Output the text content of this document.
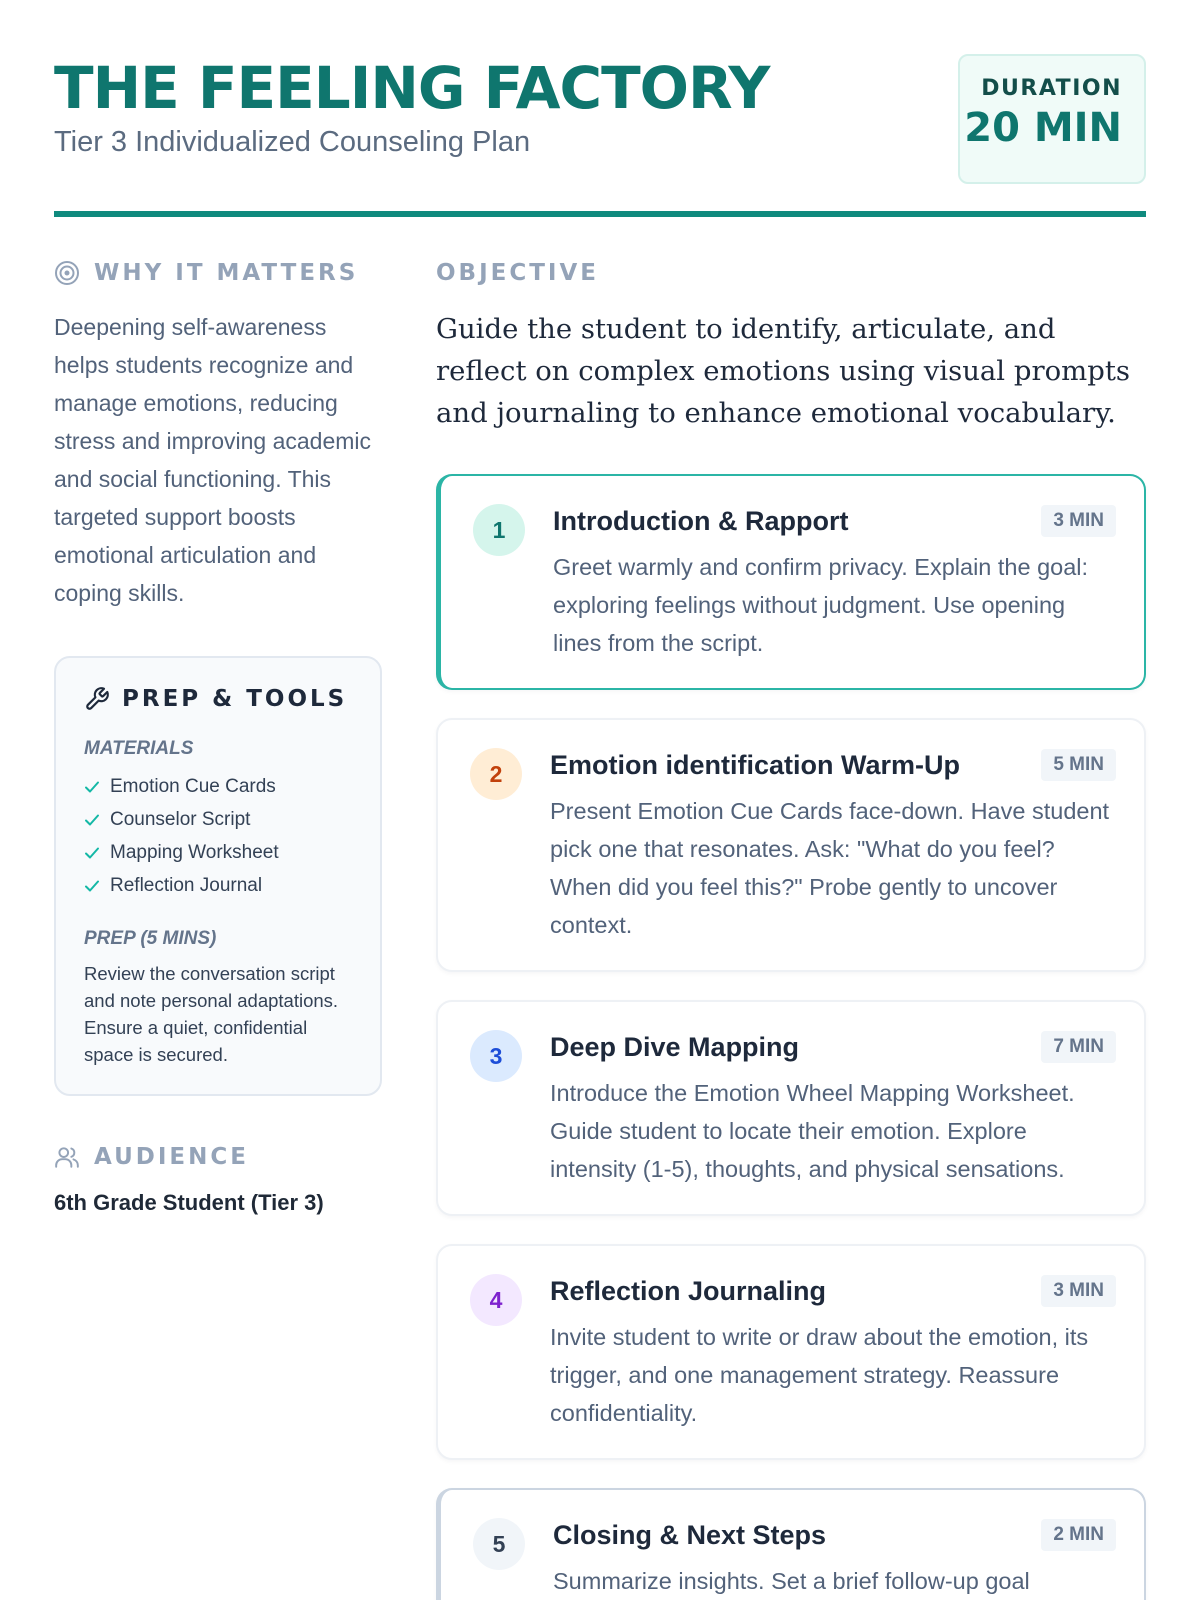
THE FEELING FACTORY
Tier 3 Individualized Counseling Plan
DURATION
20 MIN
WHY IT MATTERS

Deepening self-awareness helps students recognize and manage emotions, reducing stress and improving academic and social functioning. This targeted support boosts emotional articulation and coping skills.

PREP & TOOLS
MATERIALS
Emotion Cue Cards
Counselor Script
Mapping Worksheet
Reflection Journal
PREP (5 MINS)

Review the conversation script and note personal adaptations. Ensure a quiet, confidential space is secured.

AUDIENCE
6th Grade Student (Tier 3)
OBJECTIVE

Guide the student to identify, articulate, and reflect on complex emotions using visual prompts and journaling to enhance emotional vocabulary.

1	Introduction & Rapport	3 MIN

Greet warmly and confirm privacy. Explain the goal: exploring feelings without judgment. Use opening lines from the script.

2	Emotion identification Warm-Up	5 MIN

Present Emotion Cue Cards face-down. Have student pick one that resonates. Ask: "What do you feel? When did you feel this?" Probe gently to uncover context.

3	Deep Dive Mapping	7 MIN

Introduce the Emotion Wheel Mapping Worksheet. Guide student to locate their emotion. Explore intensity (1-5), thoughts, and physical sensations.

4	Reflection Journaling	3 MIN

Invite student to write or draw about the emotion, its trigger, and one management strategy. Reassure confidentiality.

5	Closing & Next Steps	2 MIN

Summarize insights. Set a brief follow-up goal
